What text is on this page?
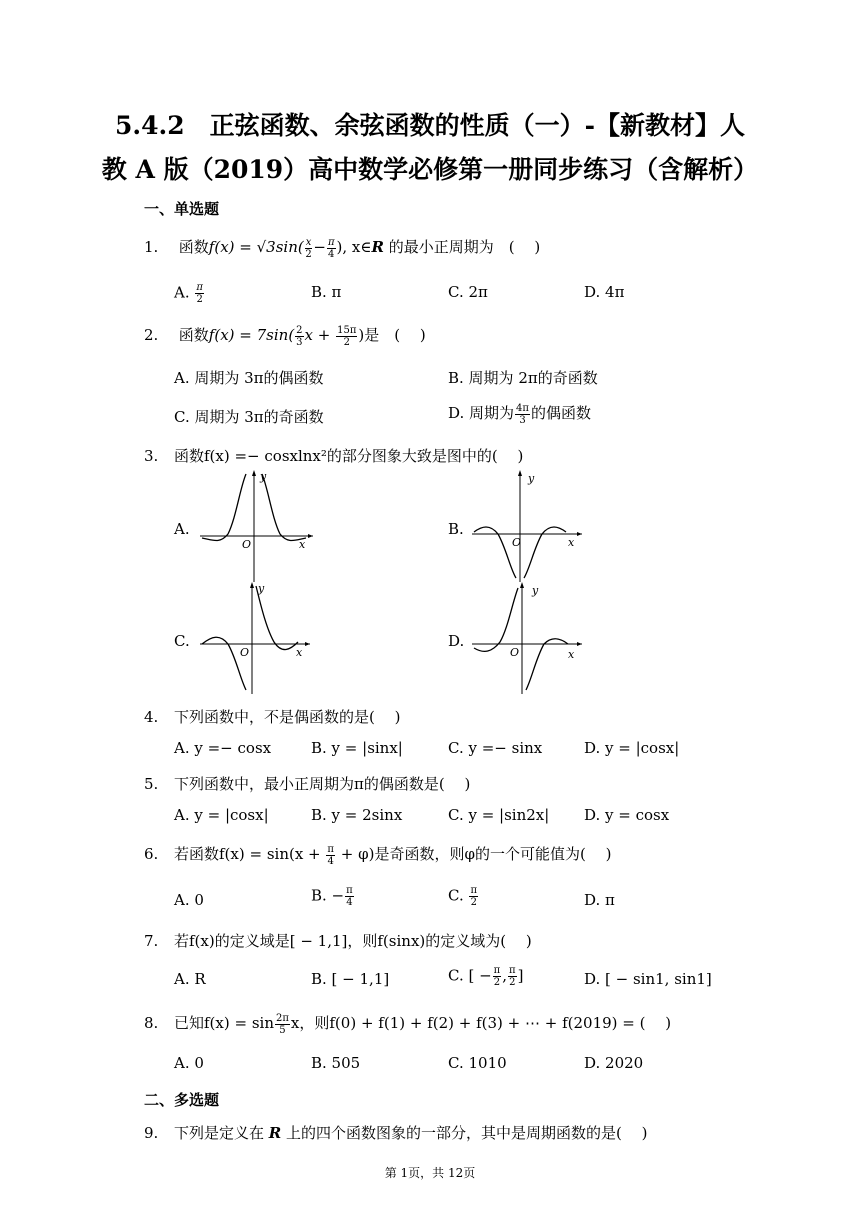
5.4.2　正弦函数、余弦函数的性质（一）-【新教材】人
教 A 版（2019）高中数学必修第一册同步练习（含解析）
一、单选题
1. 函数$f(x) = √3\sin( \frac{x}{2} - \frac{\pi}{4}$ ), x∈R 的最小正周期为　(　 )
A. $\frac{\pi}{2}$	B. π	C. 2π	D. 4π
2. 函数$f(x) = 7\sin( \frac{2}{3}$ $x + \frac{15\pi}{2}$ )是　(　 )
A. 周期为 3π的偶函数	B. 周期为 2π的奇函数
C. 周期为 3π的奇函数	D. 周期为 $\frac{4\pi}{3}$ 的偶函数
3. 函数f(x) =− cosxlnx²的部分图象大致是图中的(　 )
A.	B.
C.	D.
y
x
O
y
x
O
y
x
O
y
x
O
4. 下列函数中，不是偶函数的是(　 )
A. y =− cosx	B. y = |sinx|	C. y =− sinx	D. y = |cosx|
5. 下列函数中，最小正周期为π的偶函数是(　 )
A. y = |cosx|	B. y = 2sinx	C. y = |sin2x| D. y = cosx
6. 若函数$f(x) = \sin(x + \frac{\pi}{4} + \varphi)$是奇函数，则φ的一个可能值为(　 )
A. 0	B. − $\frac{\pi}{4}$	C. $\frac{\pi}{2}$	D. π
7. 若f(x)的定义域是[ − 1,1]，则f(sinx)的定义域为(　 )
A. R	B. [ − 1,1]	C. [ − $\frac{\pi}{2}$ , $\frac{\pi}{2}$ ]	D. [ − sin1, sin1]
8. 已知$f(x) = \sin \frac{2\pi}{5}$ x，则f(0) + f(1) + f(2) + f(3) + ⋯ + f(2019) = (　 )
A. 0	B. 505	C. 1010	D. 2020
二、多选题
9. 下列是定义在 R 上的四个函数图象的一部分，其中是周期函数的是(　 )
第 1页，共 12页
